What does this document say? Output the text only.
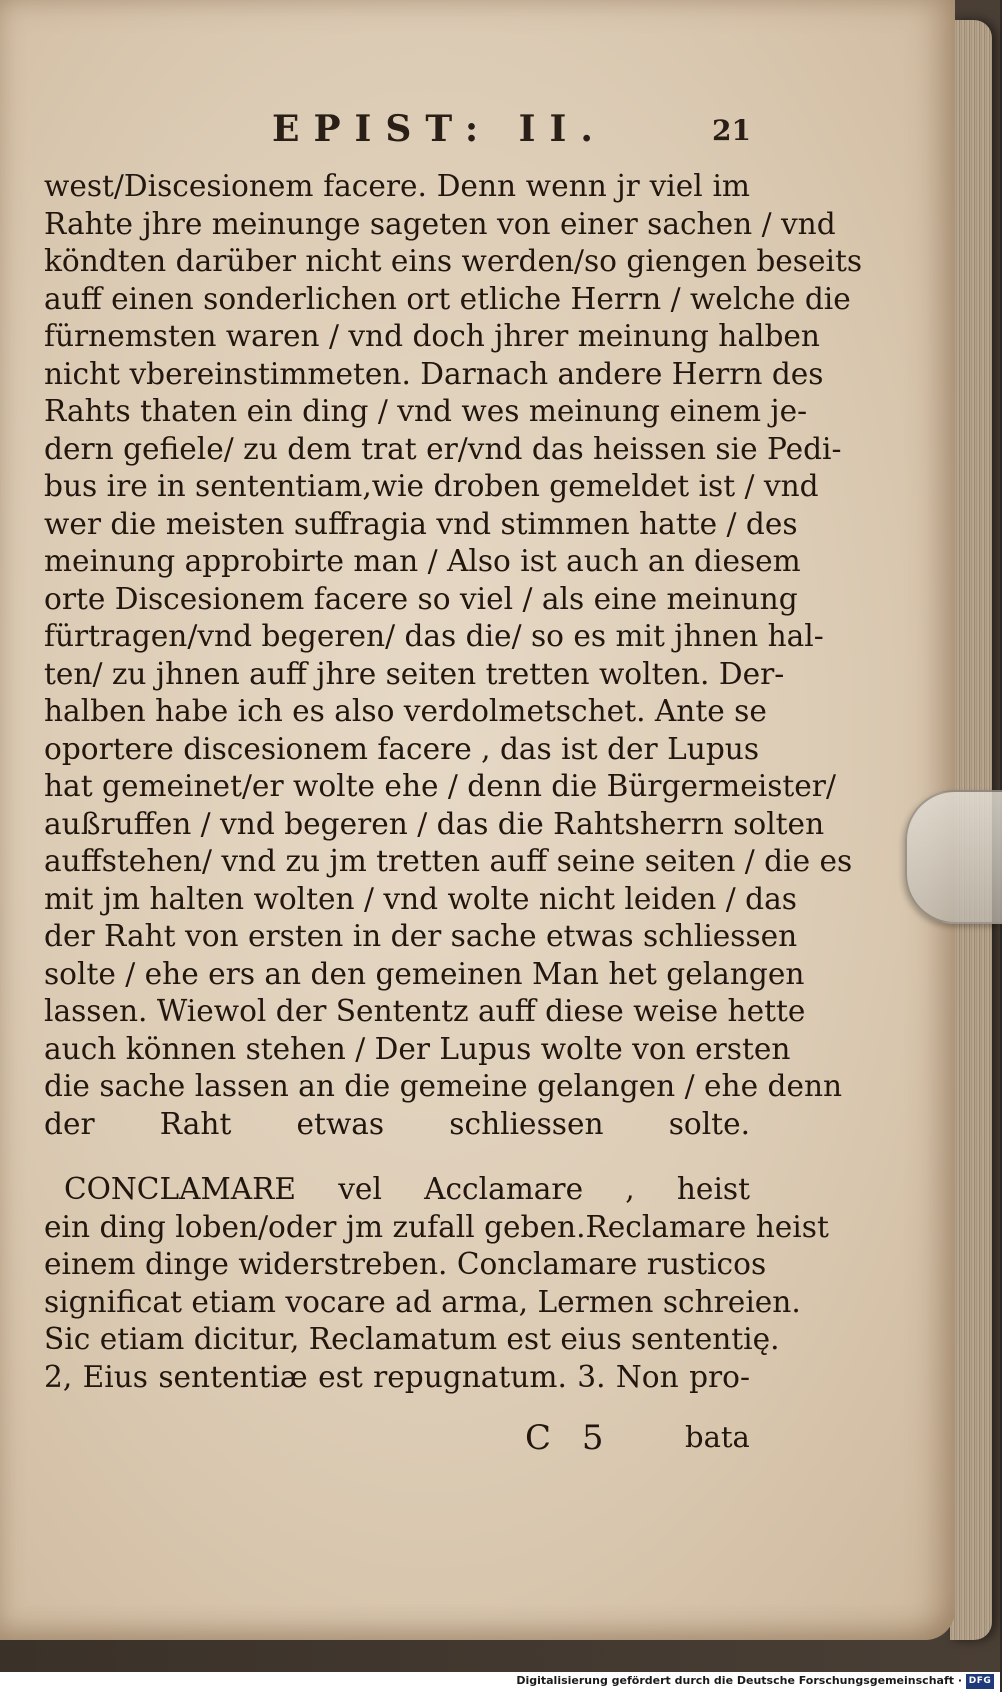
EPIST: II.	21
west/Discesionem facere. Denn wenn jr viel im
Rahte jhre meinunge sageten von einer sachen / vnd
köndten darüber nicht eins werden/so giengen beseits
auff einen sonderlichen ort etliche Herrn / welche die
fürnemsten waren / vnd doch jhrer meinung halben
nicht vbereinstimmeten. Darnach andere Herrn des
Rahts thaten ein ding / vnd wes meinung einem je-
dern gefiele/ zu dem trat er/vnd das heissen sie Pedi-
bus ire in sententiam,wie droben gemeldet ist / vnd
wer die meisten suffragia vnd stimmen hatte / des
meinung approbirte man / Also ist auch an diesem
orte Discesionem facere so viel / als eine meinung
fürtragen/vnd begeren/ das die/ so es mit jhnen hal-
ten/ zu jhnen auff jhre seiten tretten wolten. Der-
halben habe ich es also verdolmetschet. Ante se
oportere discesionem facere , das ist der Lupus
hat gemeinet/er wolte ehe / denn die Bürgermeister/
außruffen / vnd begeren / das die Rahtsherrn solten
auffstehen/ vnd zu jm tretten auff seine seiten / die es
mit jm halten wolten / vnd wolte nicht leiden / das
der Raht von ersten in der sache etwas schliessen
solte / ehe ers an den gemeinen Man het gelangen
lassen. Wiewol der Sententz auff diese weise hette
auch können stehen / Der Lupus wolte von ersten
die sache lassen an die gemeine gelangen / ehe denn
der Raht etwas schliessen solte.
CONCLAMARE vel Acclamare , heist
ein ding loben/oder jm zufall geben.Reclamare heist
einem dinge widerstreben. Conclamare rusticos
significat etiam vocare ad arma, Lermen schreien.
Sic etiam dicitur, Reclamatum est eius sententię.
2, Eius sententiæ est repugnatum. 3. Non pro-
C 5 bata
Digitalisierung gefördert durch die Deutsche Forschungsgemeinschaft · DFG
